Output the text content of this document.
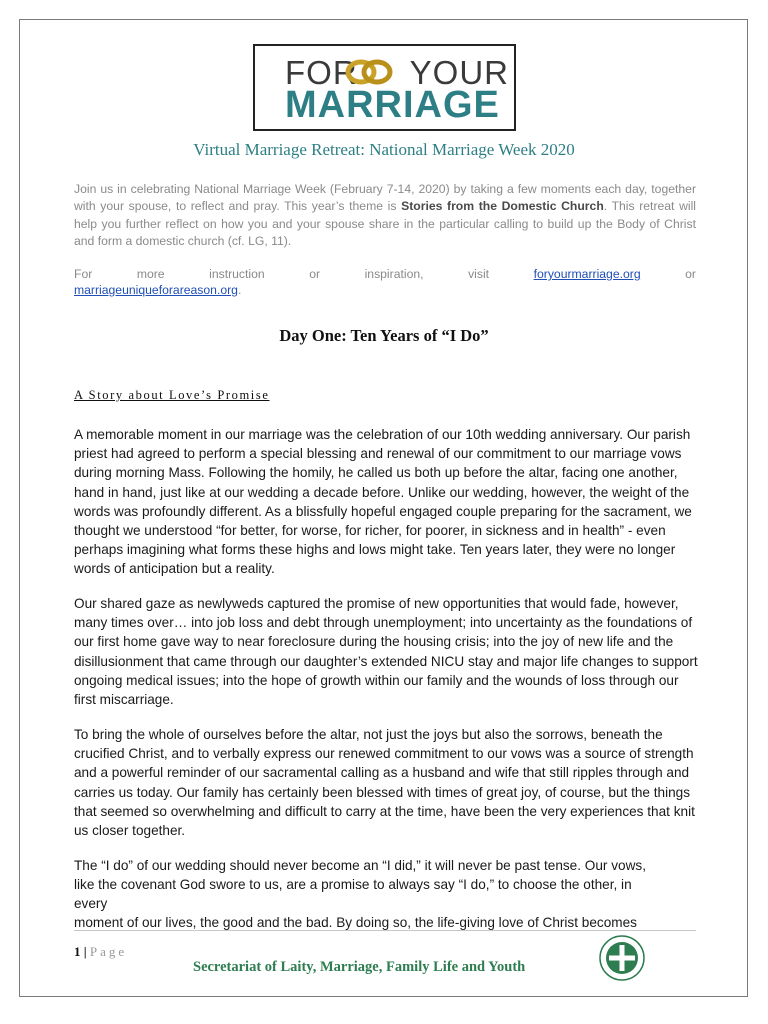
FOR YOUR
MARRIAGE
Virtual Marriage Retreat: National Marriage Week 2020

Join us in celebrating National Marriage Week (February 7-14, 2020) by taking a few moments each day, together with your spouse, to reflect and pray. This year’s theme is Stories from the Domestic Church. This retreat will help you further reflect on how you and your spouse share in the particular calling to build up the Body of Christ and form a domestic church (cf. LG, 11).

For	more	instruction	or	inspiration,	visit	foryourmarriage.org	or
marriageuniqueforareason.org.
Day One: Ten Years of “I Do”
A Story about Love’s Promise

A memorable moment in our marriage was the celebration of our 10th wedding anniversary. Our parish priest had agreed to perform a special blessing and renewal of our commitment to our marriage vows during morning Mass. Following the homily, he called us both up before the altar, facing one another, hand in hand, just like at our wedding a decade before. Unlike our wedding, however, the weight of the words was profoundly different. As a blissfully hopeful engaged couple preparing for the sacrament, we thought we understood “for better, for worse, for richer, for poorer, in sickness and in health” - even perhaps imagining what forms these highs and lows might take. Ten years later, they were no longer words of anticipation but a reality.

Our shared gaze as newlyweds captured the promise of new opportunities that would fade, however, many times over… into job loss and debt through unemployment; into uncertainty as the foundations of our first home gave way to near foreclosure during the housing crisis; into the joy of new life and the disillusionment that came through our daughter’s extended NICU stay and major life changes to support ongoing medical issues; into the hope of growth within our family and the wounds of loss through our first miscarriage.

To bring the whole of ourselves before the altar, not just the joys but also the sorrows, beneath the crucified Christ, and to verbally express our renewed commitment to our vows was a source of strength and a powerful reminder of our sacramental calling as a husband and wife that still ripples through and carries us today. Our family has certainly been blessed with times of great joy, of course, but the things that seemed so overwhelming and difficult to carry at the time, have been the very experiences that knit us closer together.

The “I do” of our wedding should never become an “I did,” it will never be past tense. Our vows, like the covenant God swore to us, are a promise to always say “I do,” to choose the other, in every

moment of our lives, the good and the bad. By doing so, the life-giving love of Christ becomes

1 | Page
Secretariat of Laity, Marriage, Family Life and Youth
